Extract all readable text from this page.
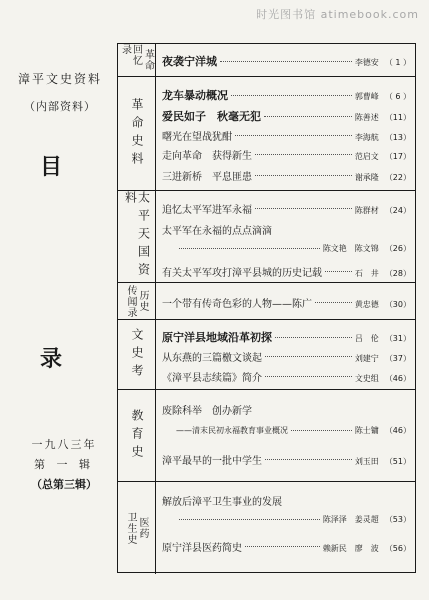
时光图书馆 atimebook.com
漳平文史资料
（内部资料）
目
录
一九八三年
第 一 辑
（总第三辑）
回忆录	革命 夜袭宁洋城	李德安 （ 1 ）
革命史料
龙车暴动概况	郭曹峰 （ 6 ）
爱民如子　秋毫无犯	陈善述 （11）
曙光在望战犹酣	李海航 （13）
走向革命　获得新生	范启文 （17）
三进新桥　平息匪患	谢承隆 （22）
太平天国资料
追忆太平军进军永福	陈群材 （24）
太平军在永福的点点滴滴
陈文艳　陈文锦 （26）
有关太平军攻打漳平县城的历史记载	石　井 （28）
传闻录 历史 一个带有传奇色彩的人物——陈广	黄忠德 （30）
文史考 原宁洋县地域沿革初探	吕　伦 （31）
从东燕的三篇檄文谈起	刘建宁 （37）
《漳平县志续篇》简介	文史组 （46）
教育史 废除科举　创办新学
——清末民初永福教育事业概况	陈士镛 （46）
漳平最早的一批中学生	刘玉田 （51）
卫生史 医药
解放后漳平卫生事业的发展
陈泽泽　姜灵超 （53）
原宁洋县医药简史	赖新民　廖　波 （56）
